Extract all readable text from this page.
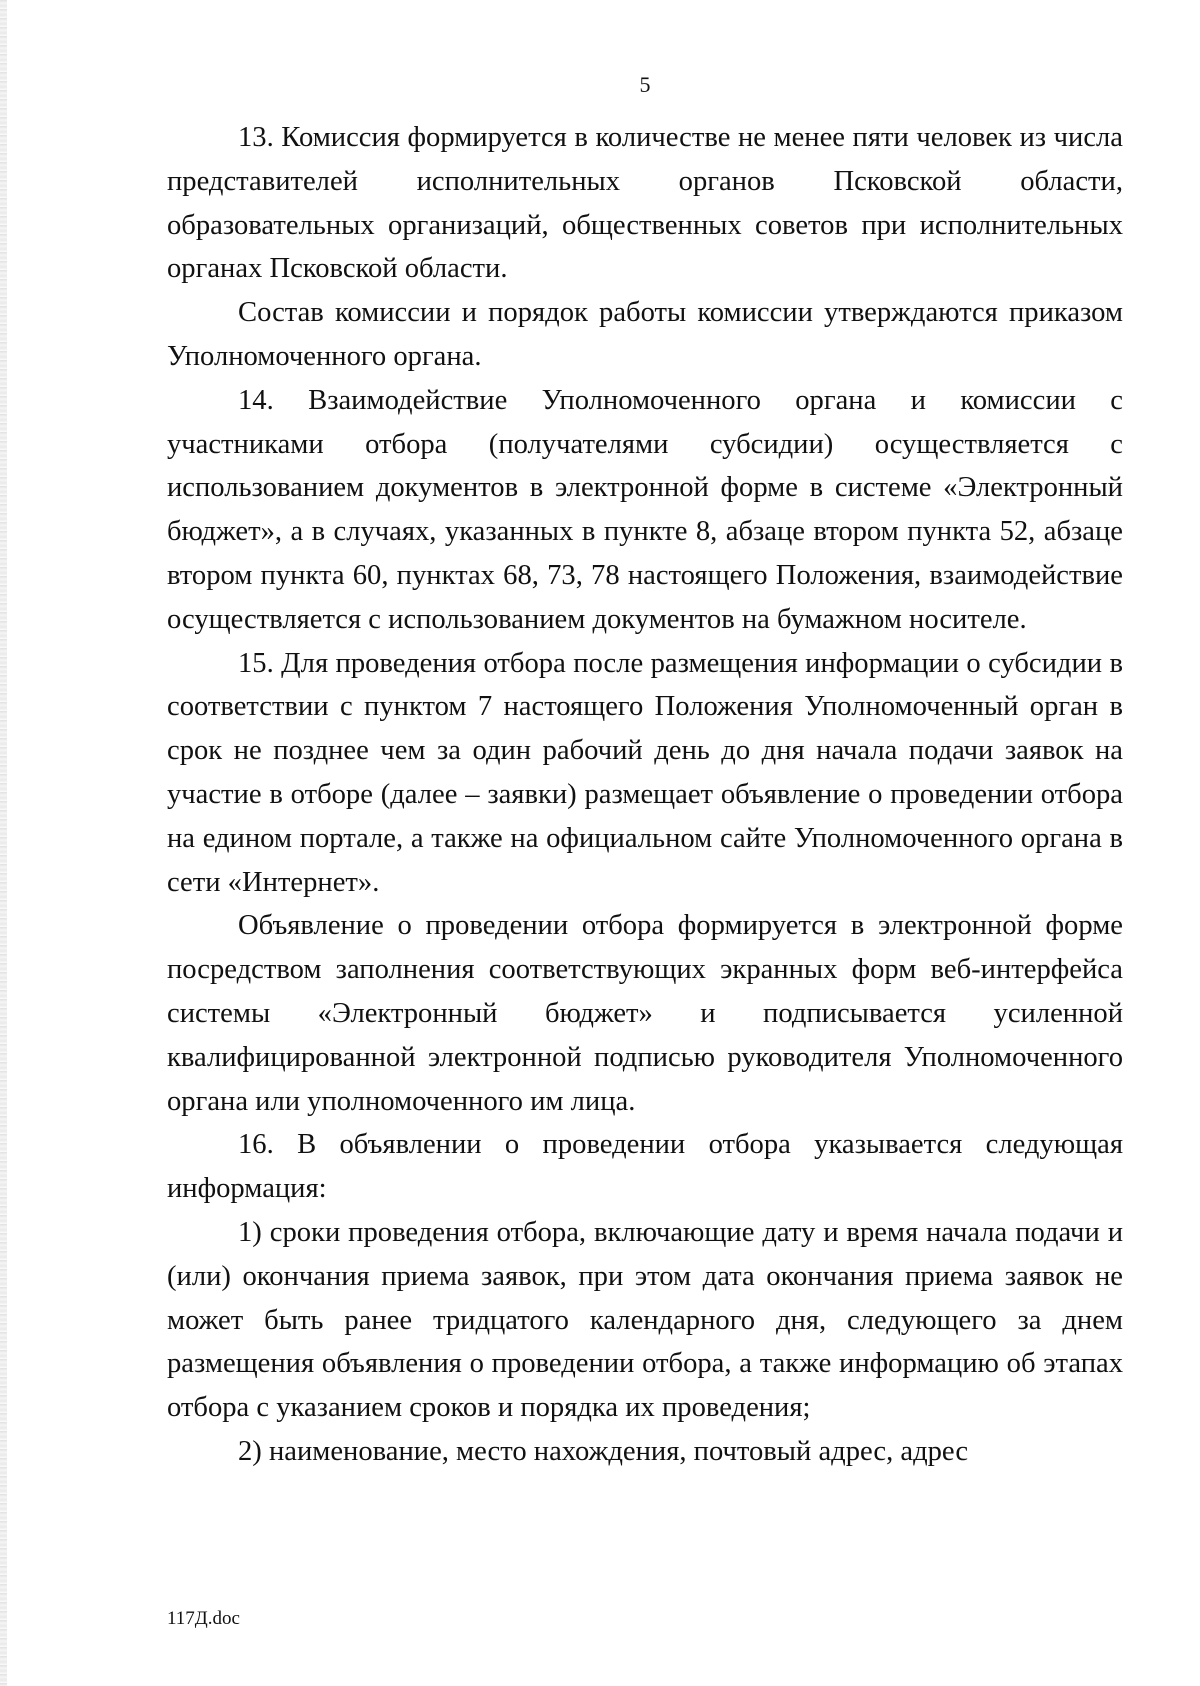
5

13. Комиссия формируется в количестве не менее пяти человек из числа представителей исполнительных органов Псковской области, образовательных организаций, общественных советов при исполнительных органах Псковской области.

Состав комиссии и порядок работы комиссии утверждаются приказом Уполномоченного органа.

14. Взаимодействие Уполномоченного органа и комиссии с участниками отбора (получателями субсидии) осуществляется с использованием документов в электронной форме в системе «Электронный бюджет», а в случаях, указанных в пункте 8, абзаце втором пункта 52, абзаце втором пункта 60, пунктах 68, 73, 78 настоящего Положения, взаимодействие осуществляется с использованием документов на бумажном носителе.

15. Для проведения отбора после размещения информации о субсидии в соответствии с пунктом 7 настоящего Положения Уполномоченный орган в срок не позднее чем за один рабочий день до дня начала подачи заявок на участие в отборе (далее – заявки) размещает объявление о проведении отбора на едином портале, а также на официальном сайте Уполномоченного органа в сети «Интернет».

Объявление о проведении отбора формируется в электронной форме посредством заполнения соответствующих экранных форм веб-интерфейса системы «Электронный бюджет» и подписывается усиленной квалифицированной электронной подписью руководителя Уполномоченного органа или уполномоченного им лица.

16. В объявлении о проведении отбора указывается следующая информация:

1) сроки проведения отбора, включающие дату и время начала подачи и (или) окончания приема заявок, при этом дата окончания приема заявок не может быть ранее тридцатого календарного дня, следующего за днем размещения объявления о проведении отбора, а также информацию об этапах отбора с указанием сроков и порядка их проведения;

2) наименование, место нахождения, почтовый адрес, адрес

117Д.doc
